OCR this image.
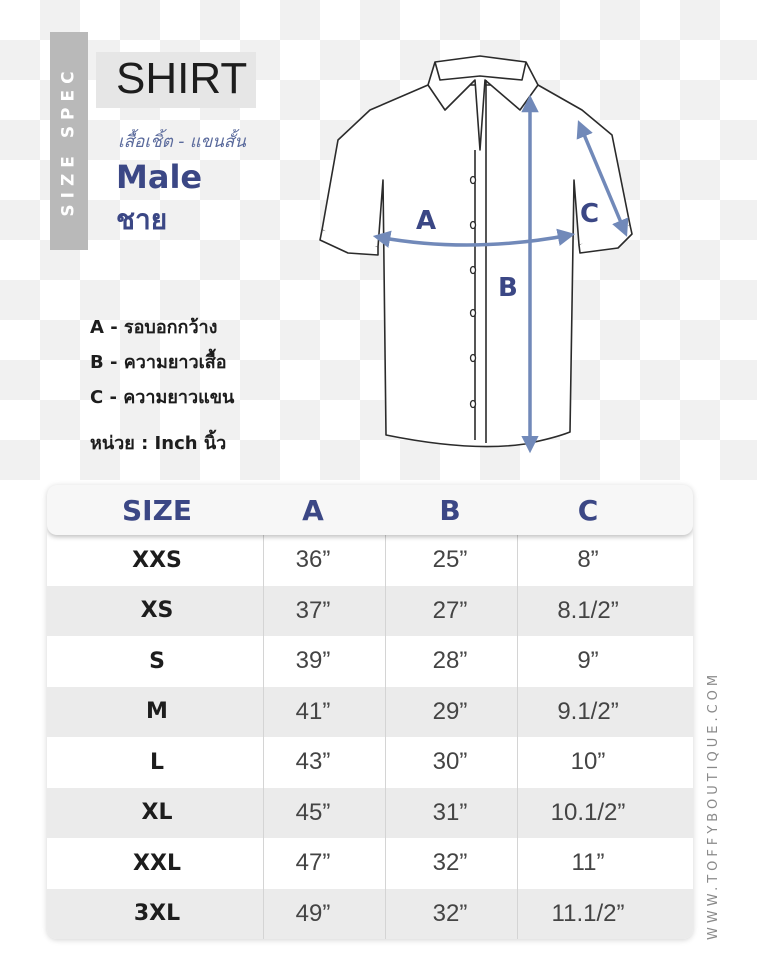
SIZE SPEC SHIRT
เสื้อเชิ้ต - แขนสั้น
Male
ชาย
A - รอบอกกว้าง
B - ความยาวเสื้อ
C - ความยาวแขน
หน่วย : Inch นิ้ว
A
B
C
SIZE	A	B	C
XXS	36”	25”	8”
XS	37”	27”	8.1/2”
S	39”	28”	9”
M	41”	29”	9.1/2”
L	43”	30”	10”
XL	45”	31”	10.1/2”
XXL	47”	32”	11”
3XL	49”	32”	11.1/2”	WWW.TOFFYBOUTIQUE.COM
